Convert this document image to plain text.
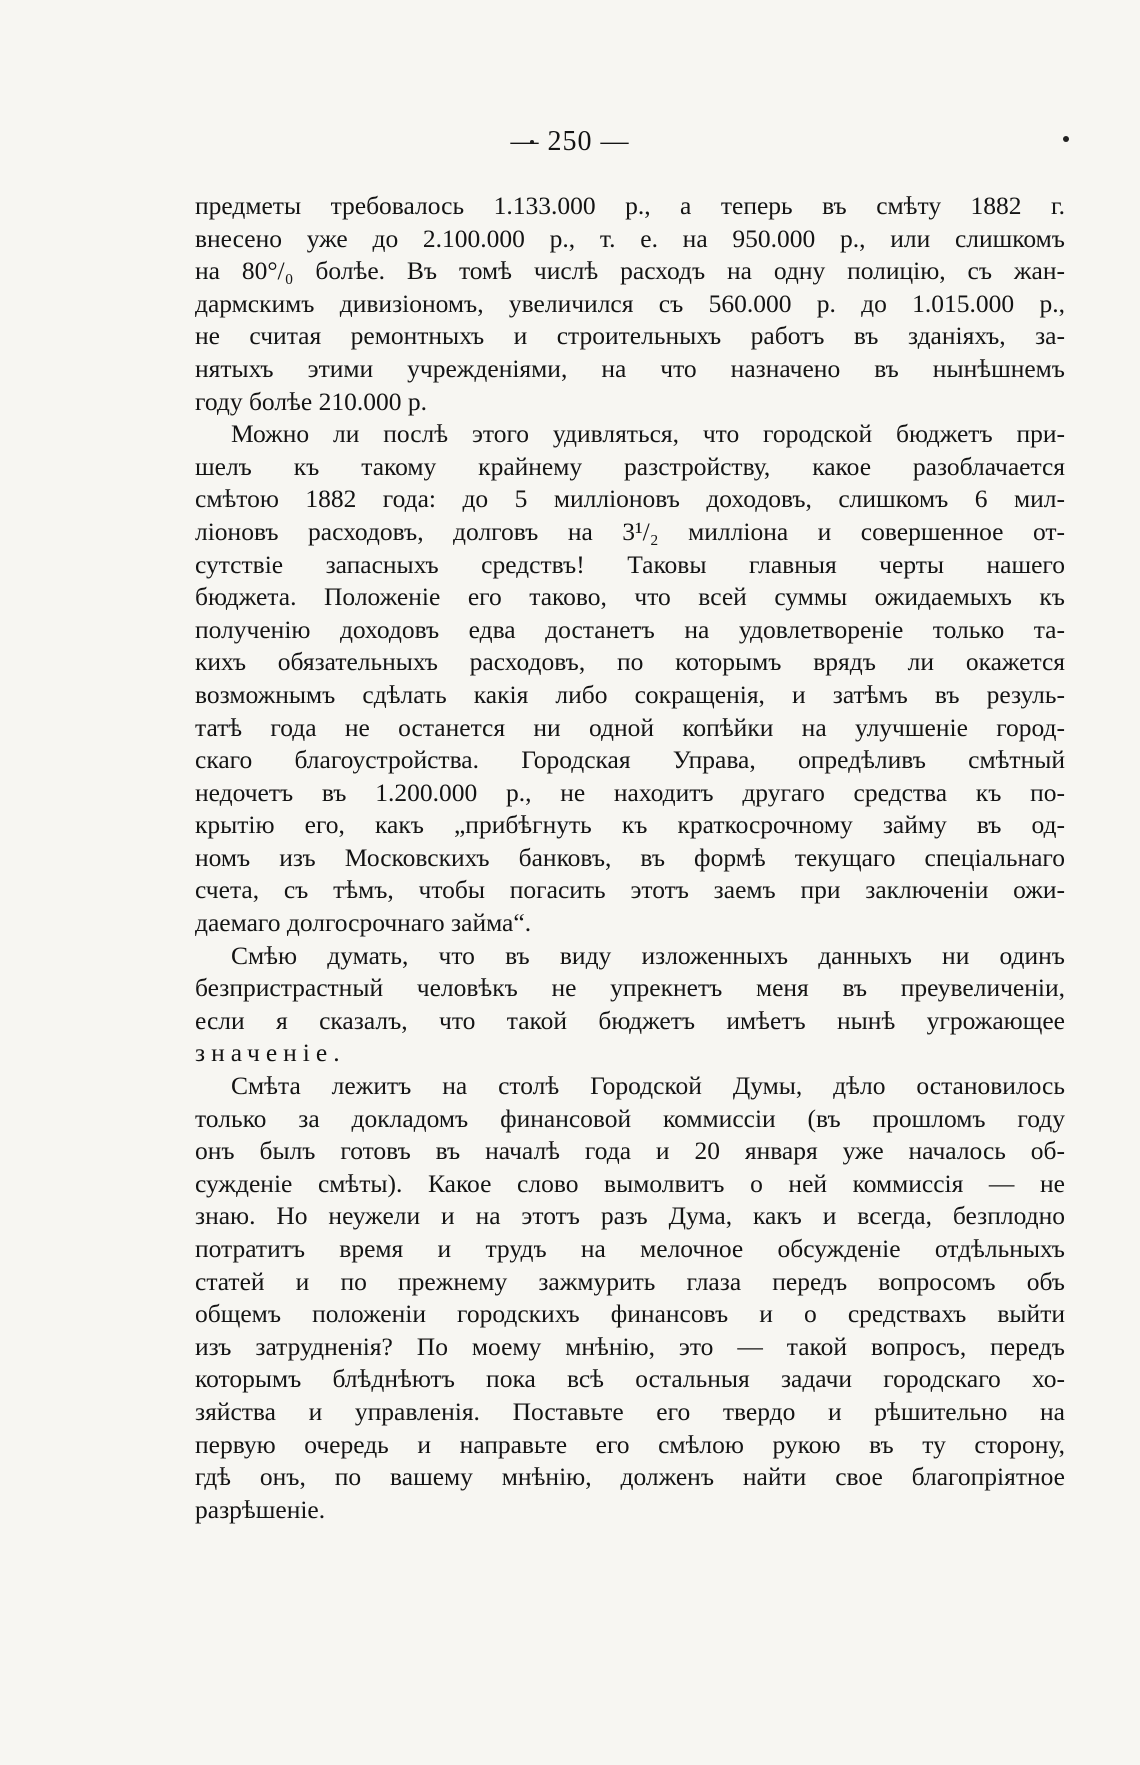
— 250 —
предметы требовалось 1.133.000 р., а теперь въ смѣту 1882 г.
внесено уже до 2.100.000 р., т. е. на 950.000 р., или слишкомъ
на 80°/₀ болѣе. Въ томѣ числѣ расходъ на одну полицію, съ жан-
дармскимъ дивизіономъ, увеличился съ 560.000 р. до 1.015.000 р.,
не считая ремонтныхъ и строительныхъ работъ въ зданіяхъ, за-
нятыхъ этими учрежденіями, на что назначено въ нынѣшнемъ
году болѣе 210.000 р.
Можно ли послѣ этого удивляться, что городской бюджетъ при-
шелъ къ такому крайнему разстройству, какое разоблачается
смѣтою 1882 года: до 5 милліоновъ доходовъ, слишкомъ 6 мил-
ліоновъ расходовъ, долговъ на 3¹/₂ милліона и совершенное от-
сутствіе запасныхъ средствъ! Таковы главныя черты нашего
бюджета. Положеніе его таково, что всей суммы ожидаемыхъ къ
полученію доходовъ едва достанетъ на удовлетвореніе только та-
кихъ обязательныхъ расходовъ, по которымъ врядъ ли окажется
возможнымъ сдѣлать какія либо сокращенія, и затѣмъ въ резуль-
татѣ года не останется ни одной копѣйки на улучшеніе город-
скаго благоустройства. Городская Управа, опредѣливъ смѣтный
недочетъ въ 1.200.000 р., не находитъ другаго средства къ по-
крытію его, какъ „прибѣгнуть къ краткосрочному займу въ од-
номъ изъ Московскихъ банковъ, въ формѣ текущаго спеціальнаго
счета, съ тѣмъ, чтобы погасить этотъ заемъ при заключеніи ожи-
даемаго долгосрочнаго займа“.
Смѣю думать, что въ виду изложенныхъ данныхъ ни одинъ
безпристрастный человѣкъ не упрекнетъ меня въ преувеличеніи,
если я сказалъ, что такой бюджетъ имѣетъ нынѣ угрожающее
значеніе.
Смѣта лежитъ на столѣ Городской Думы, дѣло остановилось
только за докладомъ финансовой коммиссіи (въ прошломъ году
онъ былъ готовъ въ началѣ года и 20 января уже началось об-
сужденіе смѣты). Какое слово вымолвитъ о ней коммиссія — не
знаю. Но неужели и на этотъ разъ Дума, какъ и всегда, безплодно
потратитъ время и трудъ на мелочное обсужденіе отдѣльныхъ
статей и по прежнему зажмурить глаза передъ вопросомъ объ
общемъ положеніи городскихъ финансовъ и о средствахъ выйти
изъ затрудненія? По моему мнѣнію, это — такой вопросъ, передъ
которымъ блѣднѣютъ пока всѣ остальныя задачи городскаго хо-
зяйства и управленія. Поставьте его твердо и рѣшительно на
первую очередь и направьте его смѣлою рукою въ ту сторону,
гдѣ онъ, по вашему мнѣнію, долженъ найти свое благопріятное
разрѣшеніе.
